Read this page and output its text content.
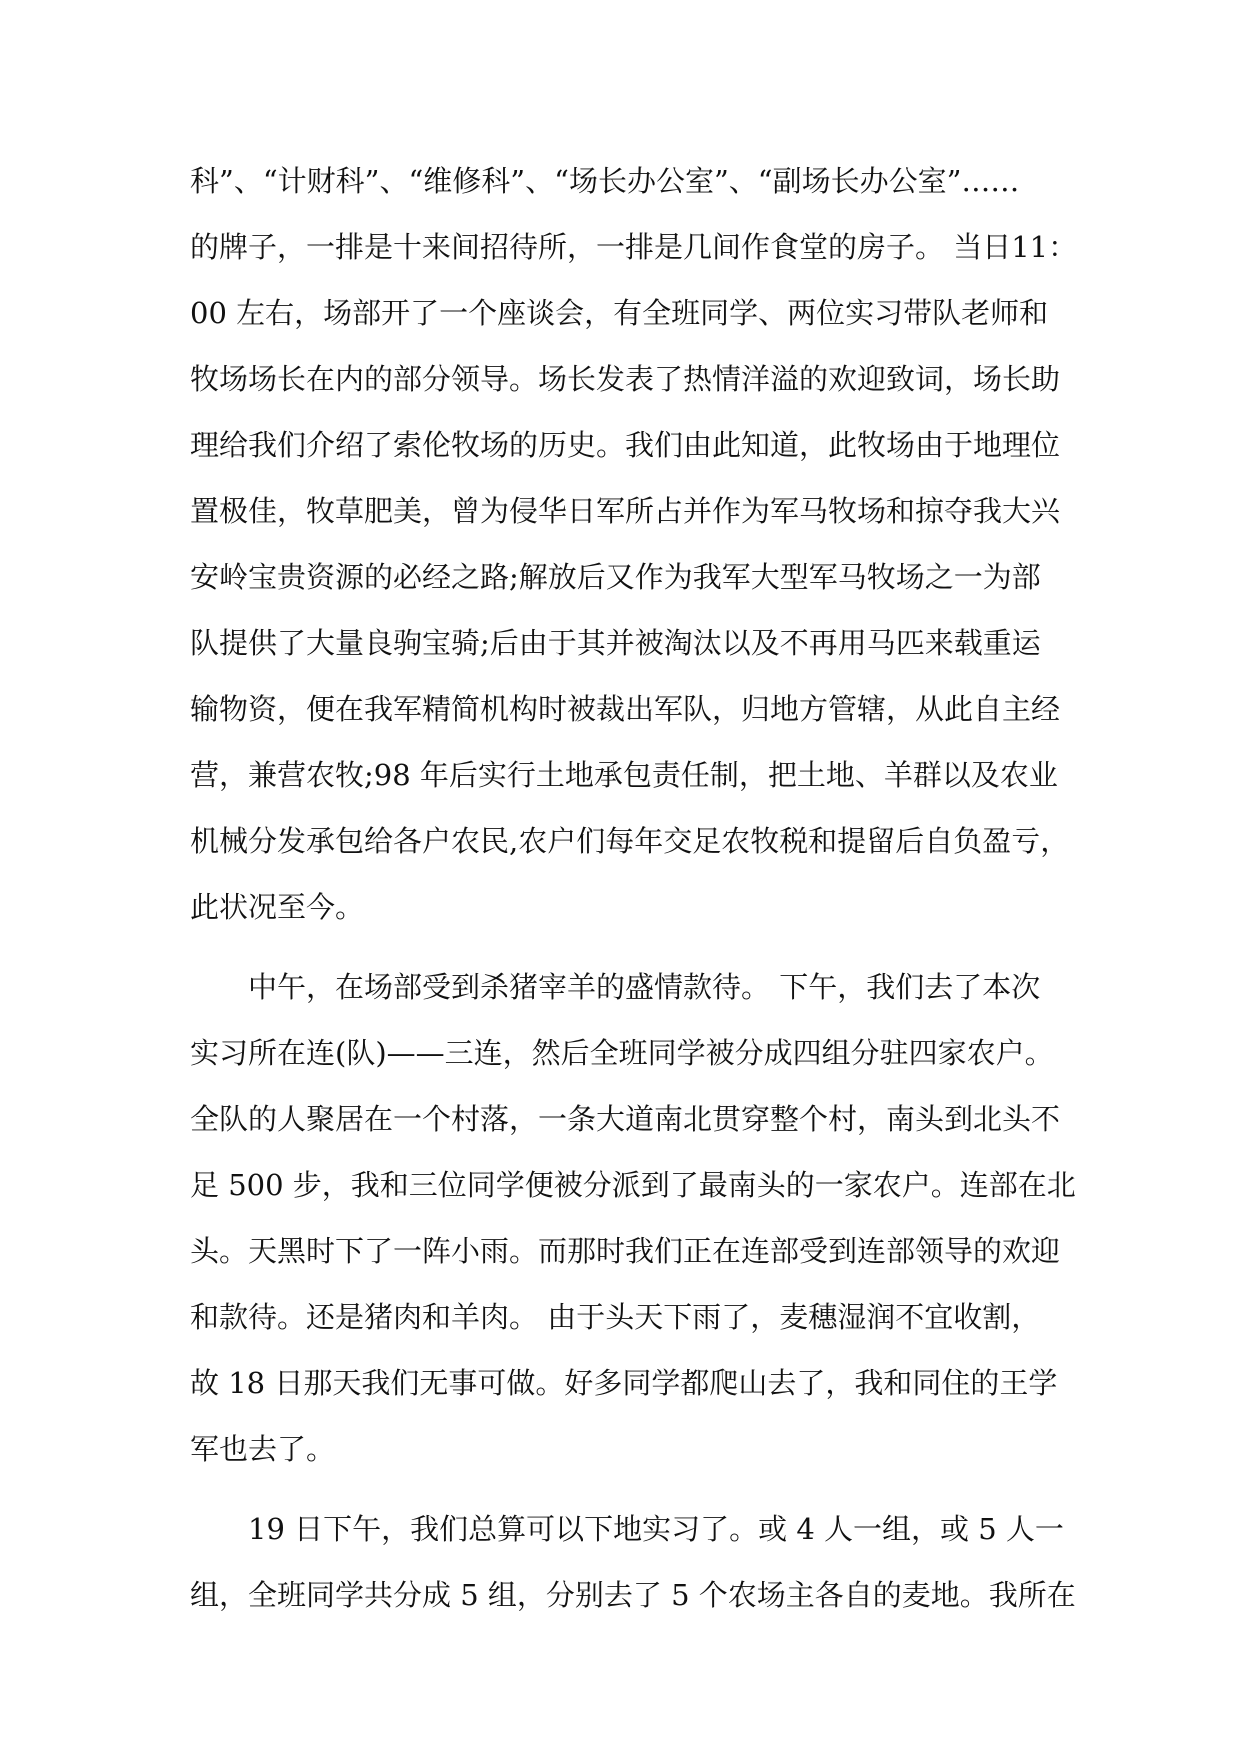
科”、“计财科”、“维修科”、“场长办公室”、“副场长办公室”……
的牌子，一排是十来间招待所，一排是几间作食堂的房子。 当日11：
00 左右，场部开了一个座谈会，有全班同学、两位实习带队老师和
牧场场长在内的部分领导。场长发表了热情洋溢的欢迎致词，场长助
理给我们介绍了索伦牧场的历史。我们由此知道，此牧场由于地理位
置极佳，牧草肥美，曾为侵华日军所占并作为军马牧场和掠夺我大兴
安岭宝贵资源的必经之路;解放后又作为我军大型军马牧场之一为部
队提供了大量良驹宝骑;后由于其并被淘汰以及不再用马匹来载重运
输物资，便在我军精简机构时被裁出军队，归地方管辖，从此自主经
营，兼营农牧;98 年后实行土地承包责任制，把土地、羊群以及农业
机械分发承包给各户农民,农户们每年交足农牧税和提留后自负盈亏，
此状况至今。
中午，在场部受到杀猪宰羊的盛情款待。 下午，我们去了本次
实习所在连(队)——三连，然后全班同学被分成四组分驻四家农户。
全队的人聚居在一个村落，一条大道南北贯穿整个村，南头到北头不
足 500 步，我和三位同学便被分派到了最南头的一家农户。连部在北
头。天黑时下了一阵小雨。而那时我们正在连部受到连部领导的欢迎
和款待。还是猪肉和羊肉。 由于头天下雨了，麦穗湿润不宜收割，
故 18 日那天我们无事可做。好多同学都爬山去了，我和同住的王学
军也去了。
19 日下午，我们总算可以下地实习了。或 4 人一组，或 5 人一
组，全班同学共分成 5 组，分别去了 5 个农场主各自的麦地。我所在
